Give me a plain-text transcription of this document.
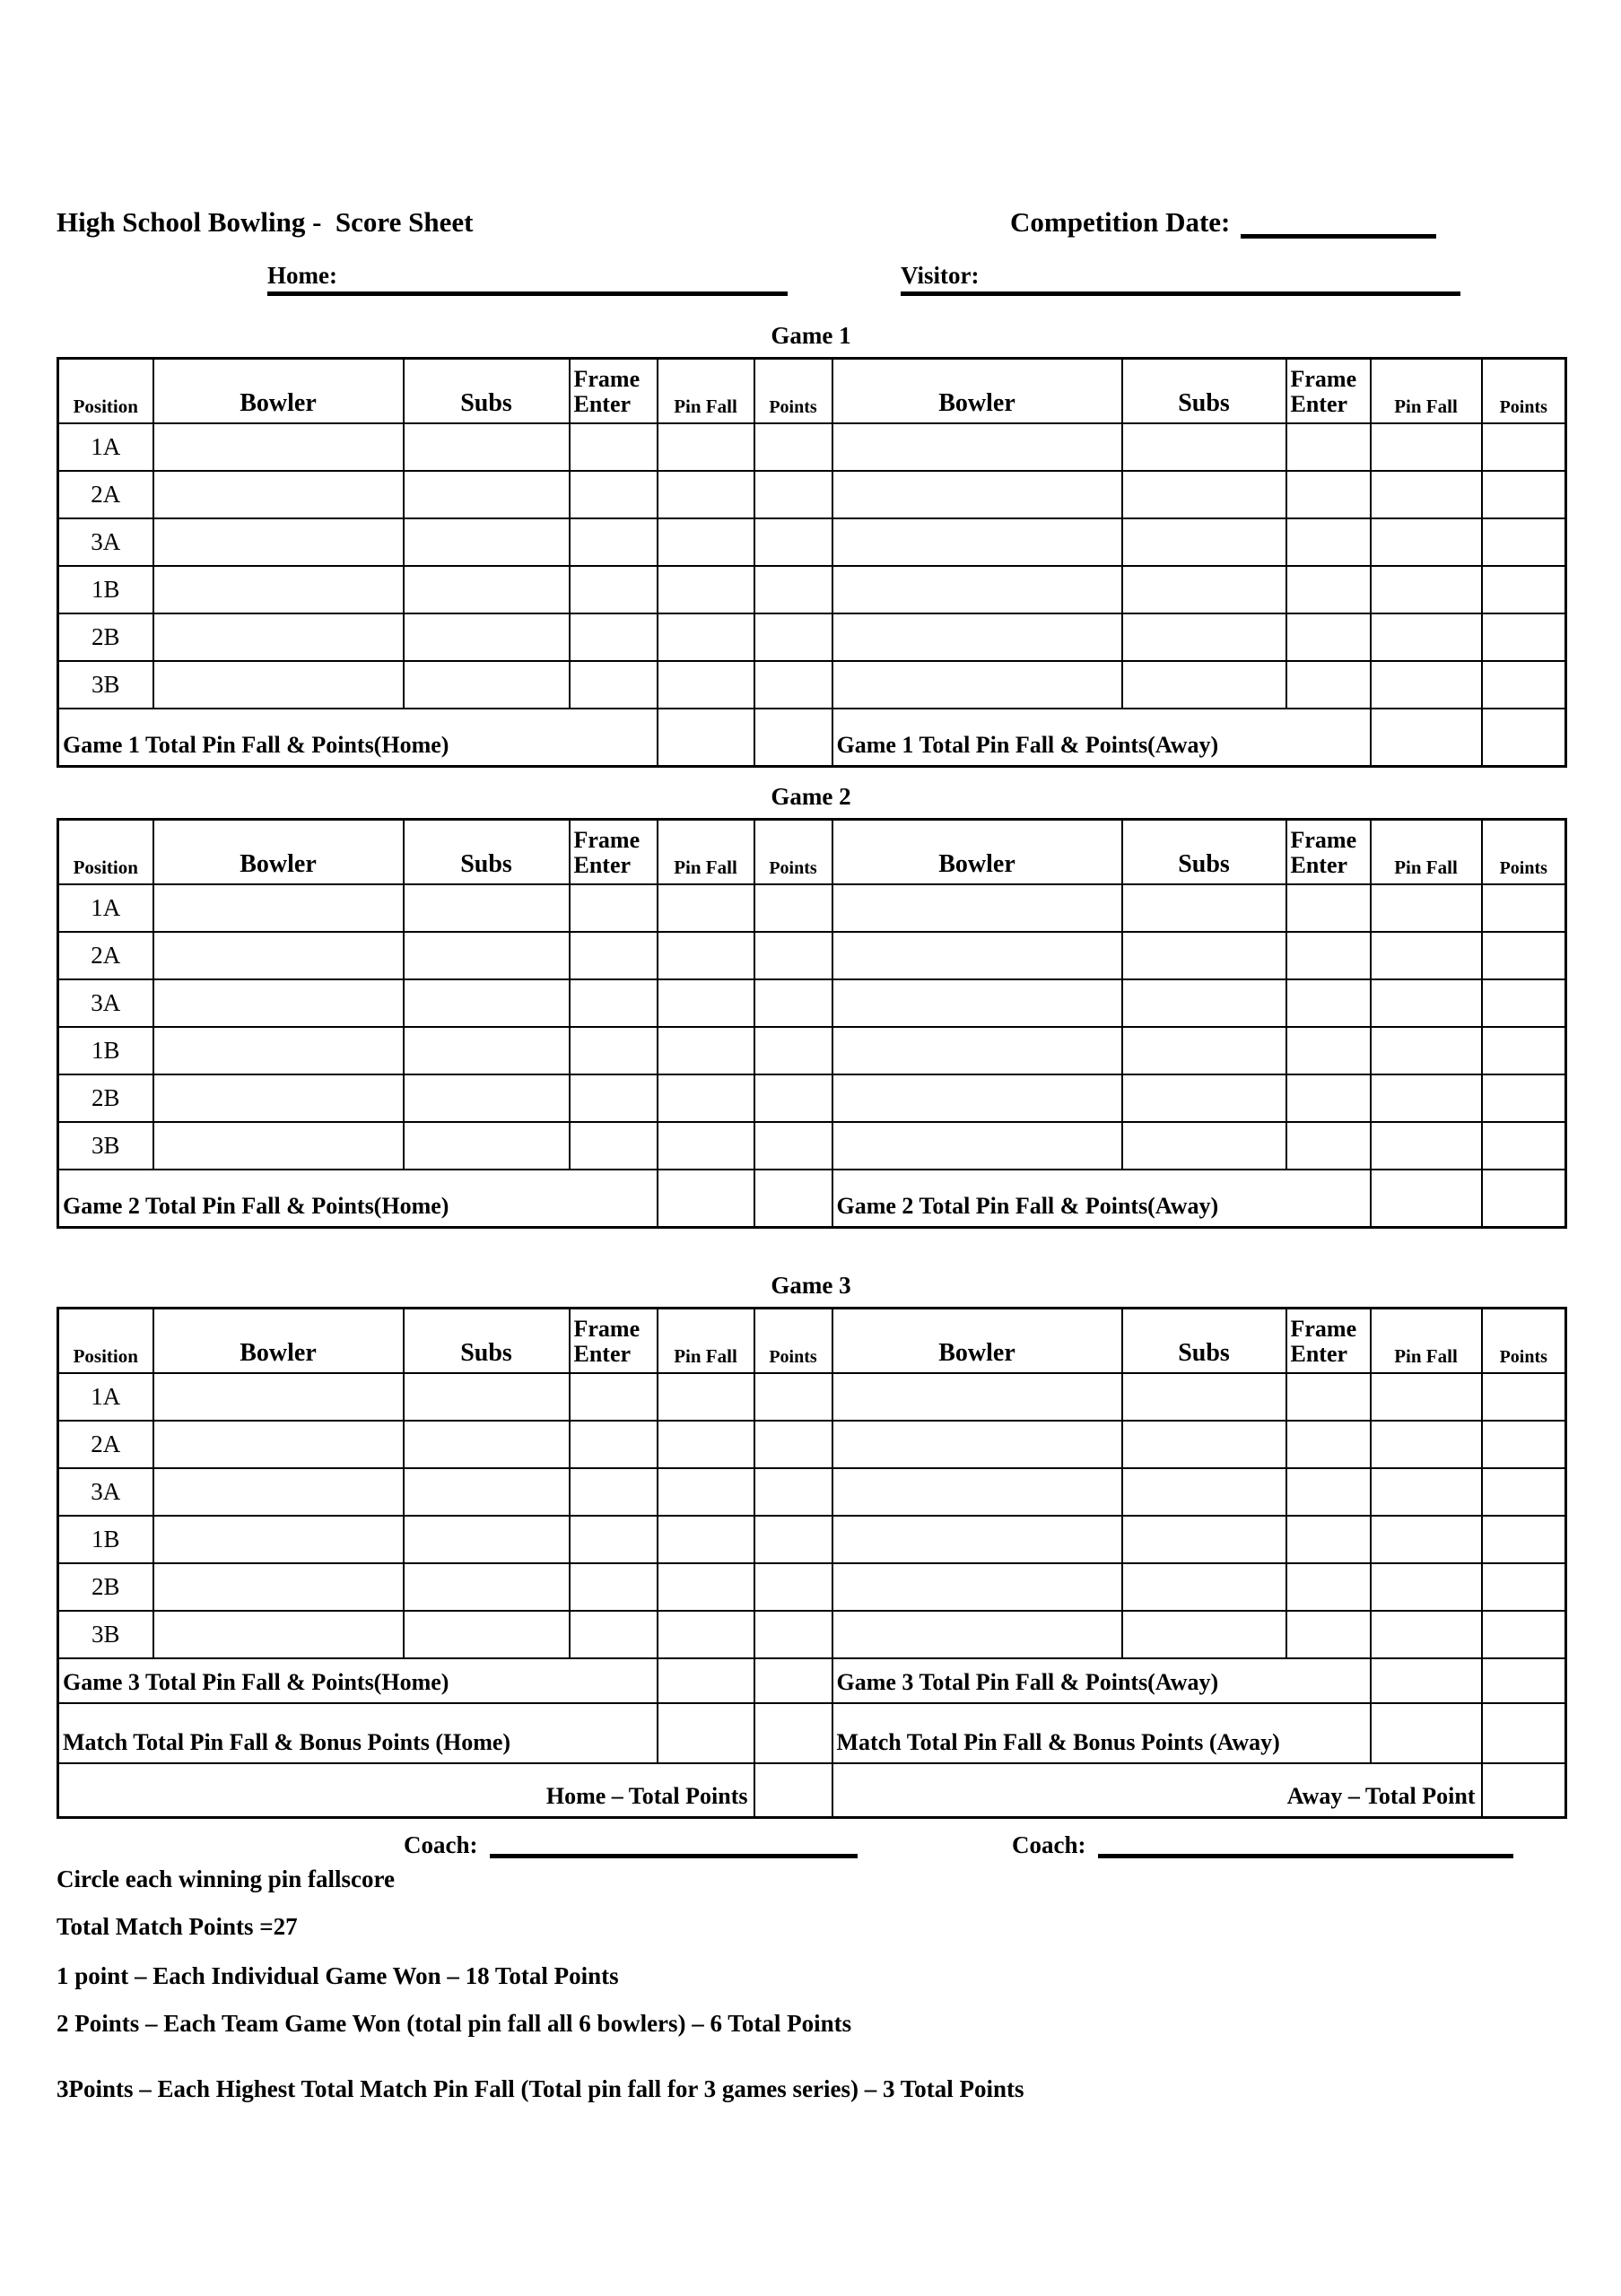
High School Bowling -  Score Sheet	Competition Date:
Home:	Visitor:
Game 1
Position	Bowler	Subs	Frame Enter	Pin Fall	Points	Bowler	Subs	Frame Enter	Pin Fall	Points
1A										
2A										
3A										
1B										
2B										
3B										
Game 1 Total Pin Fall & Points(Home)						Game 1 Total Pin Fall & Points(Away)				
Game 2
Position	Bowler	Subs	Frame Enter	Pin Fall	Points	Bowler	Subs	Frame Enter	Pin Fall	Points
1A										
2A										
3A										
1B										
2B										
3B										
Game 2 Total Pin Fall & Points(Home)						Game 2 Total Pin Fall & Points(Away)				
Game 3
Position	Bowler	Subs	Frame Enter	Pin Fall	Points	Bowler	Subs	Frame Enter	Pin Fall	Points
1A										
2A										
3A										
1B										
2B										
3B										
Game 3 Total Pin Fall & Points(Home)						Game 3 Total Pin Fall & Points(Away)				
Match Total Pin Fall & Bonus Points (Home)						Match Total Pin Fall & Bonus Points (Away)				
Home – Total Points						Away – Total Point				
Coach:	Coach:
Circle each winning pin fallscore
Total Match Points =27
1 point – Each Individual Game Won – 18 Total Points
2 Points – Each Team Game Won (total pin fall all 6 bowlers) – 6 Total Points
3Points – Each Highest Total Match Pin Fall (Total pin fall for 3 games series) – 3 Total Points
